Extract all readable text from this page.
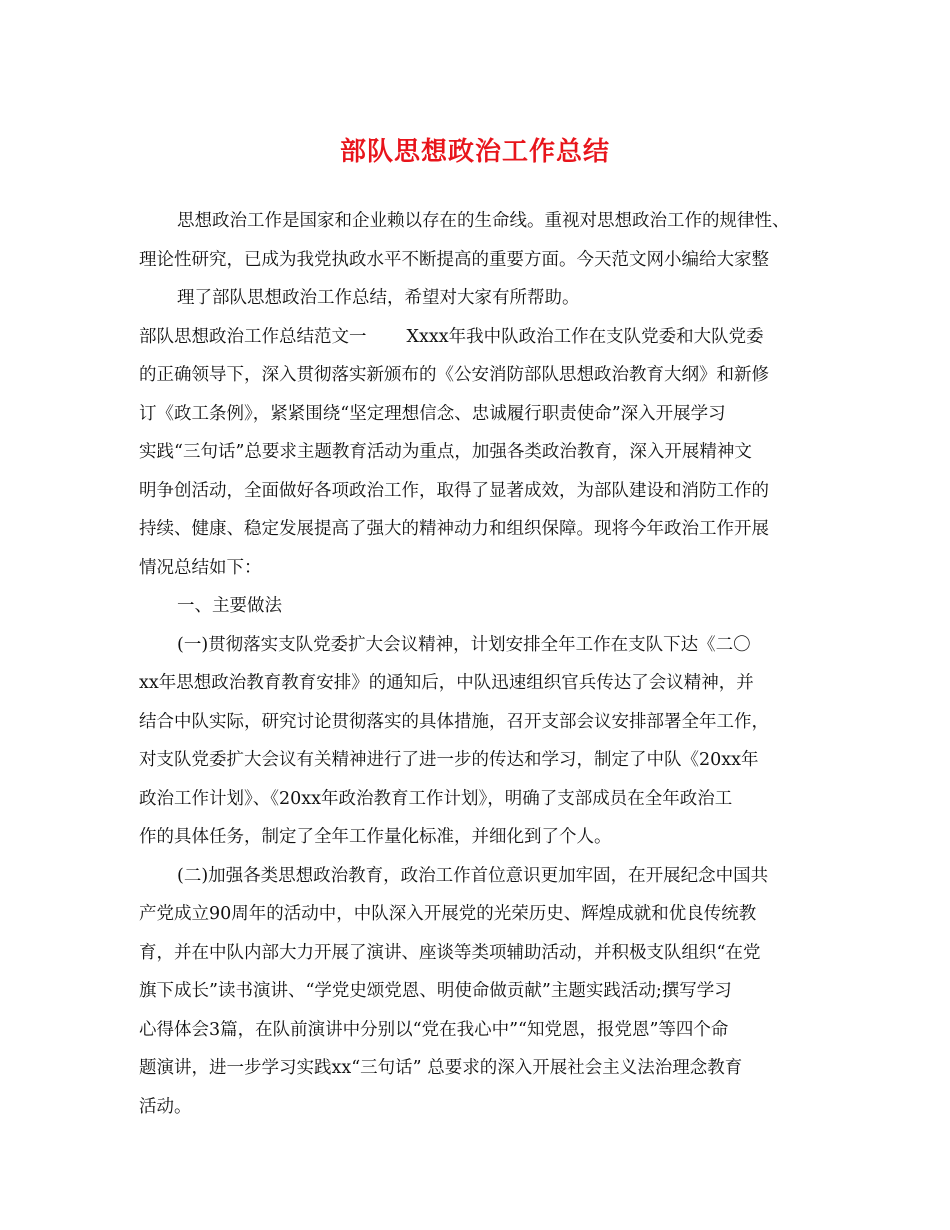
部队思想政治工作总结
思想政治工作是国家和企业赖以存在的生命线。重视对思想政治工作的规律性、
理论性研究，已成为我党执政水平不断提高的重要方面。今天范文网小编给大家整
理了部队思想政治工作总结，希望对大家有所帮助。
部队思想政治工作总结范文一 Xxxx年我中队政治工作在支队党委和大队党委
的正确领导下，深入贯彻落实新颁布的《公安消防部队思想政治教育大纲》和新修
订《政工条例》，紧紧围绕“坚定理想信念、忠诚履行职责使命”深入开展学习
实践“三句话”总要求主题教育活动为重点，加强各类政治教育，深入开展精神文
明争创活动，全面做好各项政治工作，取得了显著成效，为部队建设和消防工作的
持续、健康、稳定发展提高了强大的精神动力和组织保障。现将今年政治工作开展
情况总结如下：
一、主要做法
(一)贯彻落实支队党委扩大会议精神，计划安排全年工作在支队下达《二〇
xx年思想政治教育教育安排》的通知后，中队迅速组织官兵传达了会议精神，并
结合中队实际，研究讨论贯彻落实的具体措施，召开支部会议安排部署全年工作，
对支队党委扩大会议有关精神进行了进一步的传达和学习，制定了中队《20xx年
政治工作计划》、《20xx年政治教育工作计划》，明确了支部成员在全年政治工
作的具体任务，制定了全年工作量化标准，并细化到了个人。
(二)加强各类思想政治教育，政治工作首位意识更加牢固，在开展纪念中国共
产党成立90周年的活动中，中队深入开展党的光荣历史、辉煌成就和优良传统教
育，并在中队内部大力开展了演讲、座谈等类项辅助活动，并积极支队组织“在党
旗下成长”读书演讲、“学党史颂党恩、明使命做贡献”主题实践活动;撰写学习
心得体会3篇，在队前演讲中分别以“党在我心中”“知党恩，报党恩”等四个命
题演讲，进一步学习实践xx“三句话” 总要求的深入开展社会主义法治理念教育
活动。
